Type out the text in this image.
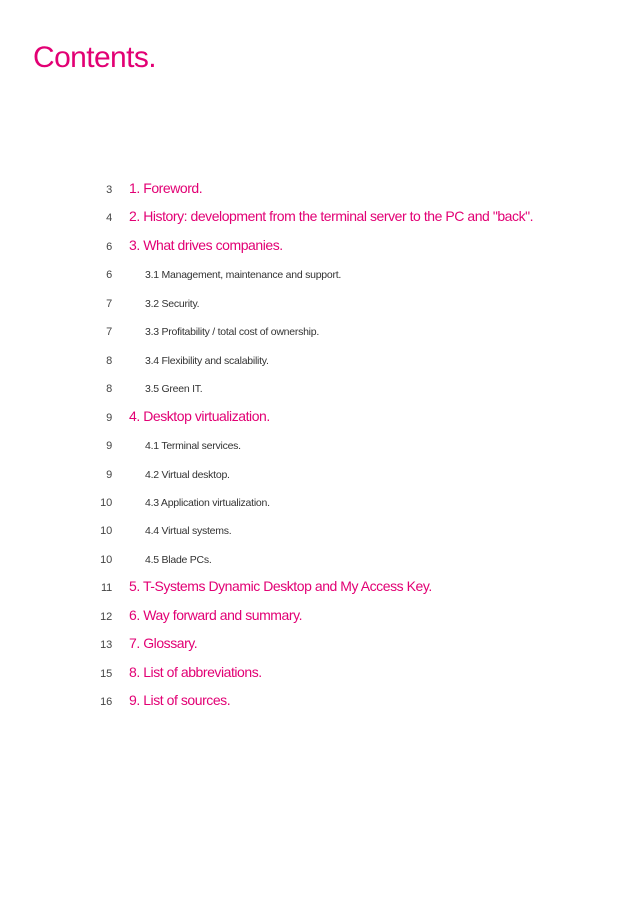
Contents.
3 1. Foreword.
4 2. History: development from the terminal server to the PC and "back".
6 3. What drives companies.
6	3.1 Management, maintenance and support.
7	3.2 Security.
7	3.3 Profitability / total cost of ownership.
8	3.4 Flexibility and scalability.
8	3.5 Green IT.
9 4. Desktop virtualization.
9	4.1 Terminal services.
9	4.2 Virtual desktop.
10	4.3 Application virtualization.
10	4.4 Virtual systems.
10	4.5 Blade PCs.
11 5. T-Systems Dynamic Desktop and My Access Key.
12 6. Way forward and summary.
13 7. Glossary.
15 8. List of abbreviations.
16 9. List of sources.
